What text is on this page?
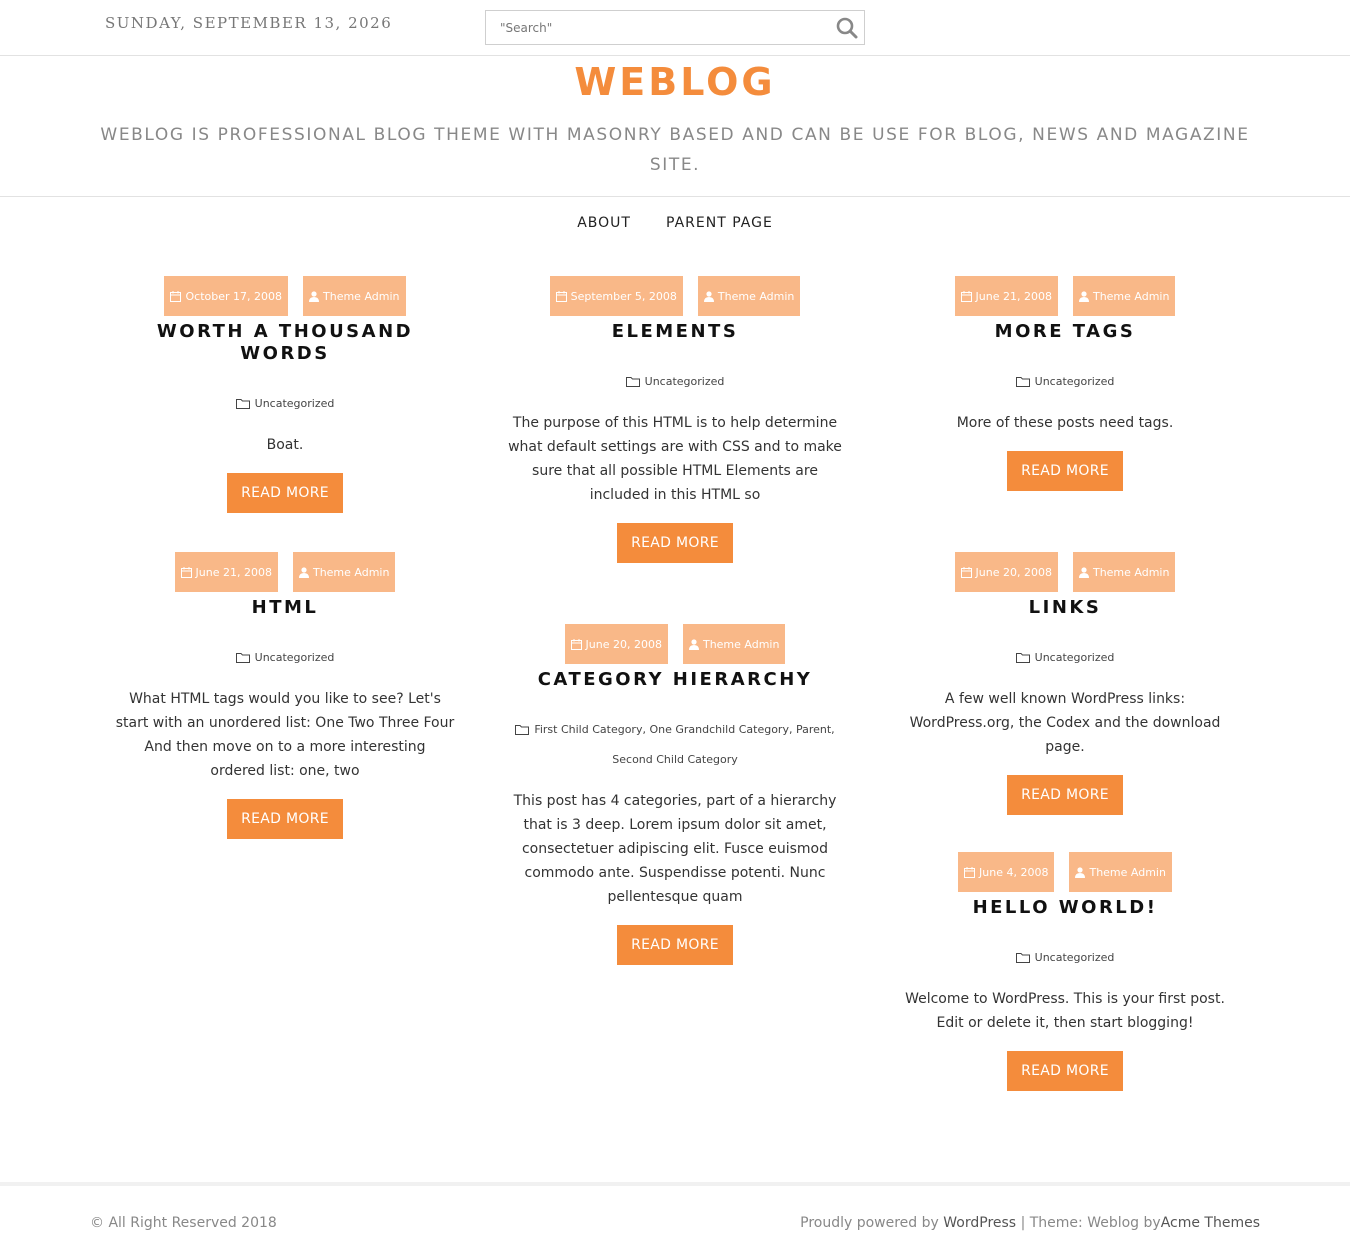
SUNDAY, SEPTEMBER 13, 2026
"Search"
WEBLOG
WEBLOG IS PROFESSIONAL BLOG THEME WITH MASONRY BASED AND CAN BE USE FOR BLOG, NEWS AND MAGAZINE SITE.
ABOUT	PARENT PAGE
October 17, 2008	Theme Admin
WORTH A THOUSAND WORDS
Uncategorized

Boat.

READ MORE
September 5, 2008	Theme Admin
ELEMENTS
Uncategorized

The purpose of this HTML is to help determine what default settings are with CSS and to make sure that all possible HTML Elements are included in this HTML so

READ MORE
June 21, 2008	Theme Admin
MORE TAGS
Uncategorized

More of these posts need tags.

READ MORE
June 21, 2008	Theme Admin
HTML
Uncategorized

What HTML tags would you like to see? Let's start with an unordered list: One Two Three Four And then move on to a more interesting ordered list: one, two

READ MORE
June 20, 2008	Theme Admin
CATEGORY HIERARCHY
First Child Category, One Grandchild Category, Parent, Second Child Category

This post has 4 categories, part of a hierarchy that is 3 deep. Lorem ipsum dolor sit amet, consectetuer adipiscing elit. Fusce euismod commodo ante. Suspendisse potenti. Nunc pellentesque quam

READ MORE
June 20, 2008	Theme Admin
LINKS
Uncategorized

A few well known WordPress links: WordPress.org, the Codex and the download page.

READ MORE
June 4, 2008	Theme Admin
HELLO WORLD!
Uncategorized

Welcome to WordPress. This is your first post. Edit or delete it, then start blogging!

READ MORE
© All Right Reserved 2018	Proudly powered by WordPress | Theme: Weblog byAcme Themes
